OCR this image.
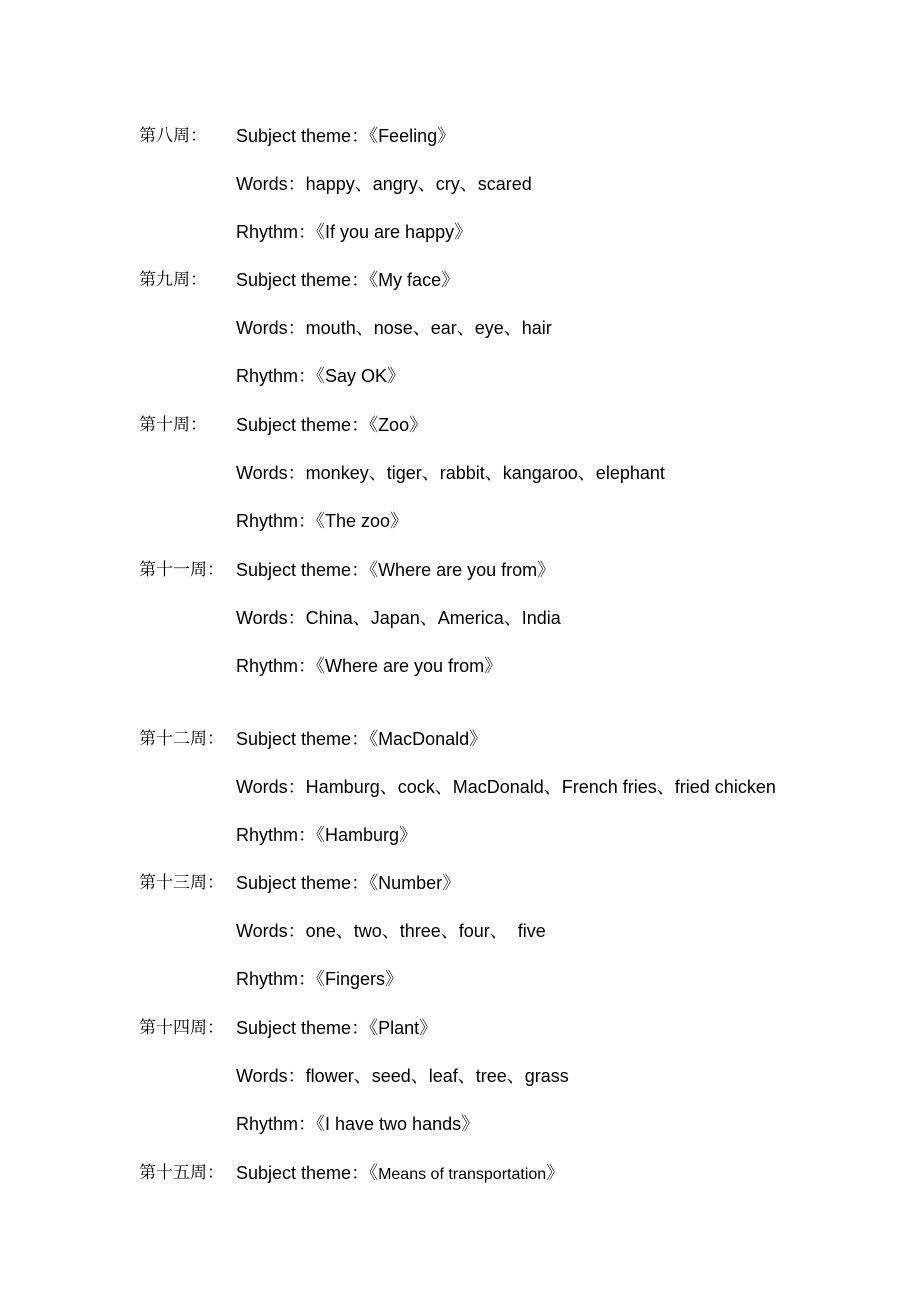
第八周： Subject theme：《Feeling》
Words：happy、angry、cry、scared
Rhythm：《If you are happy》
第九周： Subject theme：《My face》
Words：mouth、nose、ear、eye、hair
Rhythm：《Say OK》
第十周： Subject theme：《Zoo》
Words：monkey、tiger、rabbit、kangaroo、elephant
Rhythm：《The zoo》
第十一周： Subject theme：《Where are you from》
Words：China、Japan、America、India
Rhythm：《Where are you from》
第十二周： Subject theme：《MacDonald》
Words：Hamburg、cock、MacDonald、French fries、fried chicken
Rhythm：《Hamburg》
第十三周： Subject theme：《Number》
Words：one、two、three、four、  five
Rhythm：《Fingers》
第十四周： Subject theme：《Plant》
Words：flower、seed、leaf、tree、grass
Rhythm：《I have two hands》
第十五周： Subject theme：《Means of transportation》
